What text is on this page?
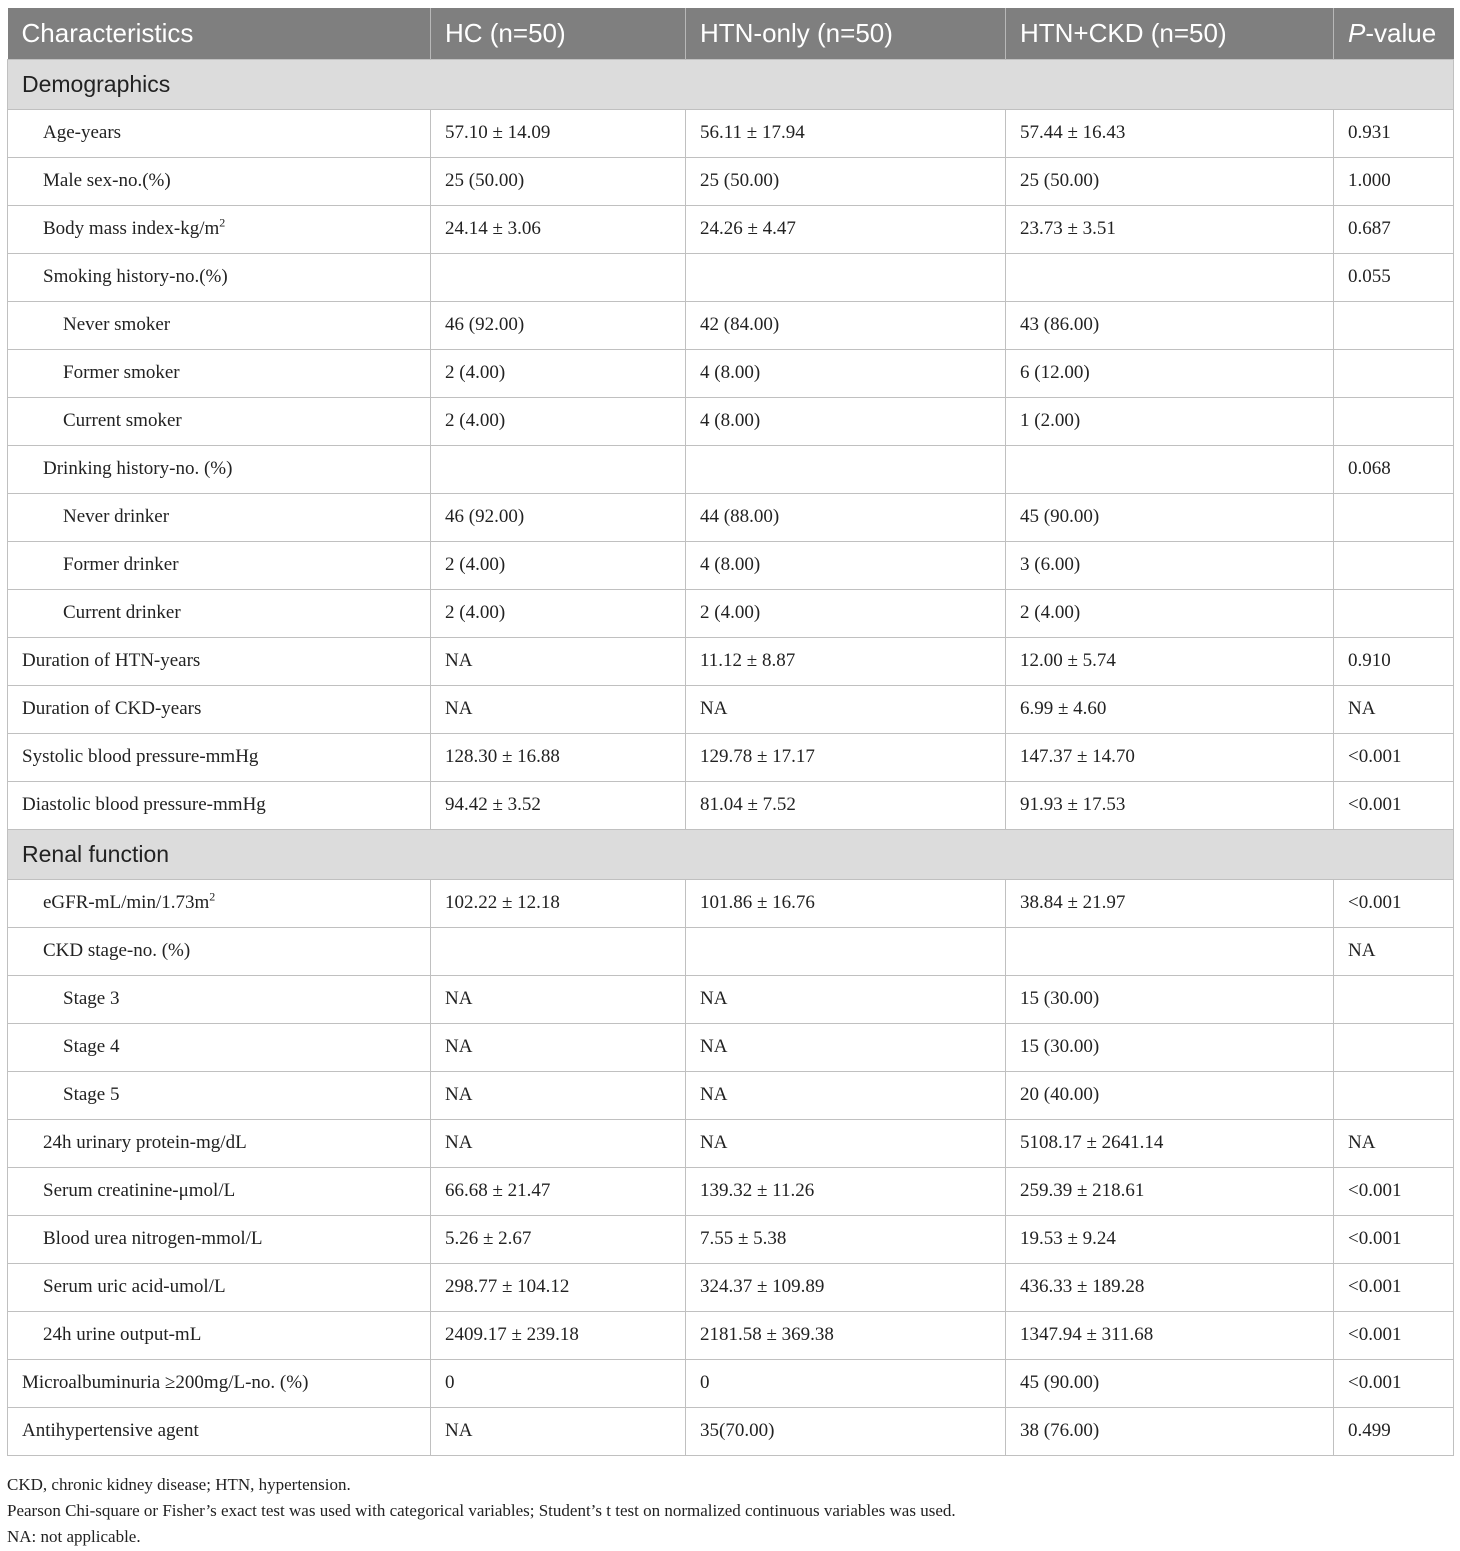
Characteristics	HC (n=50)	HTN-only (n=50)	HTN+CKD (n=50)	P-value
Demographics				
Age-years	57.10 ± 14.09	56.11 ± 17.94	57.44 ± 16.43	0.931
Male sex-no.(%)	25 (50.00)	25 (50.00)	25 (50.00)	1.000
Body mass index-$kg/m^2$	24.14 ± 3.06	24.26 ± 4.47	23.73 ± 3.51	0.687
Smoking history-no.(%)				0.055
Never smoker	46 (92.00)	42 (84.00)	43 (86.00)	
Former smoker	2 (4.00)	4 (8.00)	6 (12.00)	
Current smoker	2 (4.00)	4 (8.00)	1 (2.00)	
Drinking history-no. (%)				0.068
Never drinker	46 (92.00)	44 (88.00)	45 (90.00)	
Former drinker	2 (4.00)	4 (8.00)	3 (6.00)	
Current drinker	2 (4.00)	2 (4.00)	2 (4.00)	
Duration of HTN-years	NA	11.12 ± 8.87	12.00 ± 5.74	0.910
Duration of CKD-years	NA	NA	6.99 ± 4.60	NA
Systolic blood pressure-mmHg	128.30 ± 16.88	129.78 ± 17.17	147.37 ± 14.70	<0.001
Diastolic blood pressure-mmHg	94.42 ± 3.52	81.04 ± 7.52	91.93 ± 17.53	<0.001
Renal function				
eGFR-$mL/\min/1.73m^2$	102.22 ± 12.18	101.86 ± 16.76	38.84 ± 21.97	<0.001
CKD stage-no. (%)				NA
Stage 3	NA	NA	15 (30.00)	
Stage 4	NA	NA	15 (30.00)	
Stage 5	NA	NA	20 (40.00)	
24h urinary protein-mg/dL	NA	NA	5108.17 ± 2641.14	NA
Serum creatinine-μmol/L	66.68 ± 21.47	139.32 ± 11.26	259.39 ± 218.61	<0.001
Blood urea nitrogen-mmol/L	5.26 ± 2.67	7.55 ± 5.38	19.53 ± 9.24	<0.001
Serum uric acid-umol/L	298.77 ± 104.12	324.37 ± 109.89	436.33 ± 189.28	<0.001
24h urine output-mL	2409.17 ± 239.18	2181.58 ± 369.38	1347.94 ± 311.68	<0.001
Microalbuminuria ≥200mg/L-no. (%)	0	0	45 (90.00)	<0.001
Antihypertensive agent	NA	35(70.00)	38 (76.00)	0.499
CKD, chronic kidney disease; HTN, hypertension.
Pearson Chi-square or Fisher’s exact test was used with categorical variables; Student’s t test on normalized continuous variables was used.
NA: not applicable.
